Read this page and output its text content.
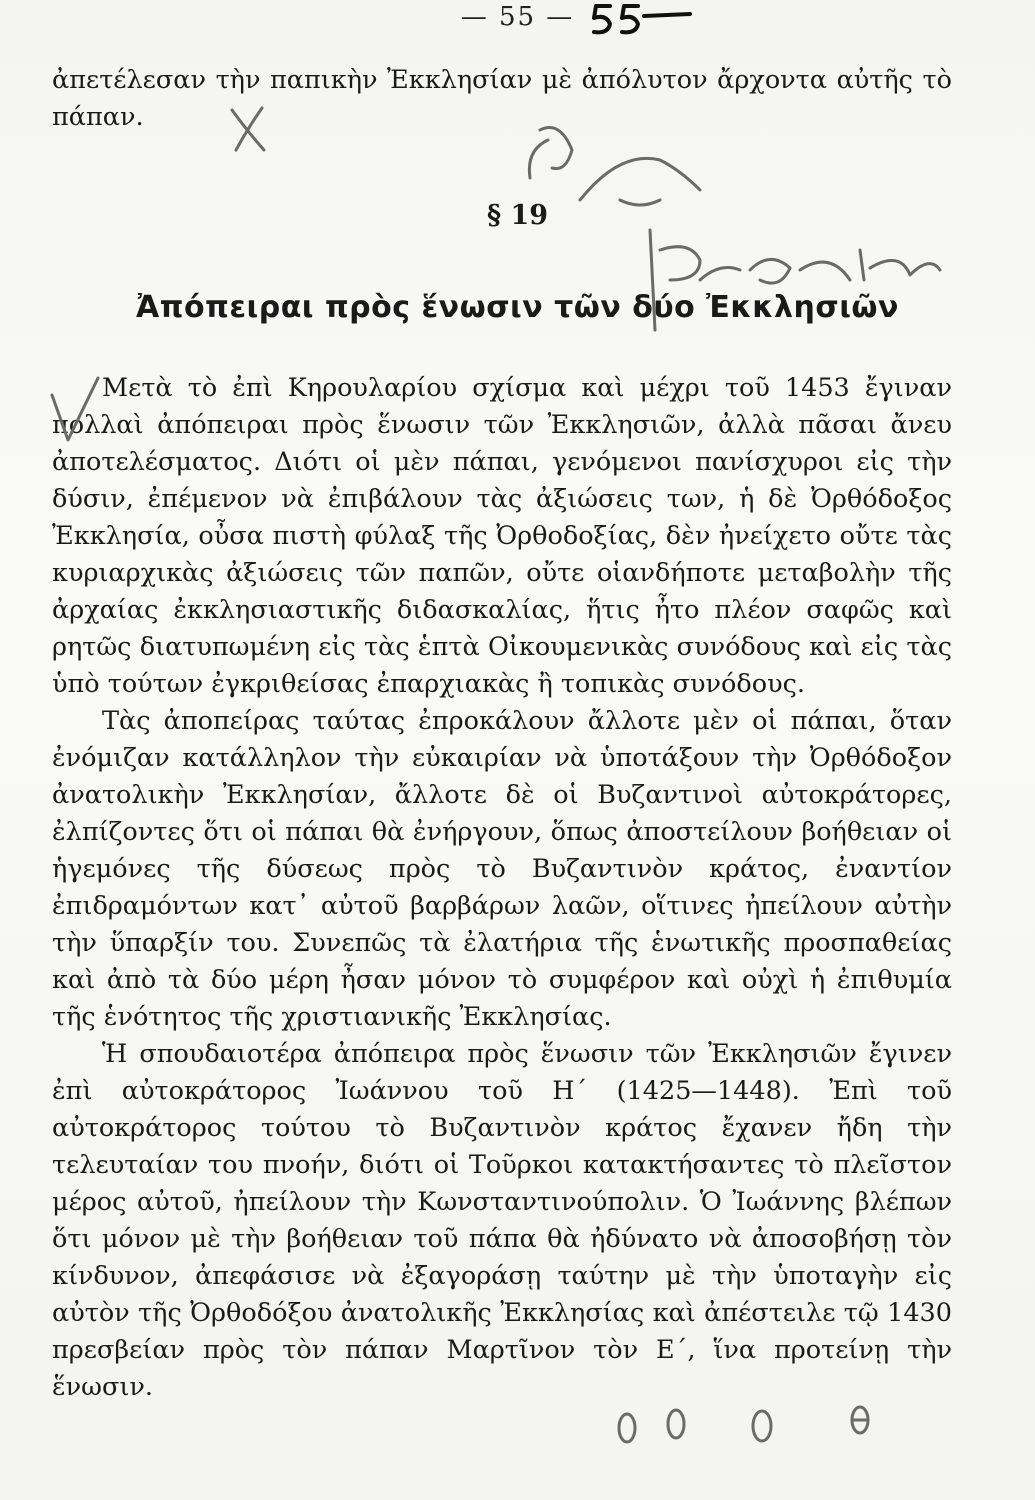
— 55 —

ἀπετέλεσαν τὴν παπικὴν Ἐκκλησίαν μὲ ἀπόλυτον ἄρχοντα αὐτῆς τὸ πάπαν.

§ 19
Ἀπόπειραι πρὸς ἕνωσιν τῶν δύο Ἐκκλησιῶν

Μετὰ τὸ ἐπὶ Κηρουλαρίου σχίσμα καὶ μέχρι τοῦ 1453 ἔγιναν πολλαὶ ἀπόπειραι πρὸς ἕνωσιν τῶν Ἐκκλησιῶν, ἀλλὰ πᾶσαι ἄνευ ἀποτελέσματος. Διότι οἱ μὲν πάπαι, γενόμενοι πανίσχυροι εἰς τὴν δύσιν, ἐπέμενον νὰ ἐπιβάλουν τὰς ἀξιώσεις των, ἡ δὲ Ὀρθόδοξος Ἐκκλησία, οὖσα πιστὴ φύλαξ τῆς Ὀρθοδοξίας, δὲν ἠνείχετο οὔτε τὰς κυριαρχικὰς ἀξιώσεις τῶν παπῶν, οὔτε οἱανδήποτε μεταβολὴν τῆς ἀρχαίας ἐκκλησιαστικῆς διδασκαλίας, ἥτις ἦτο πλέον σαφῶς καὶ ρητῶς διατυπωμένη εἰς τὰς ἑπτὰ Οἰκουμενικὰς συνόδους καὶ εἰς τὰς ὑπὸ τούτων ἐγκριθείσας ἐπαρχιακὰς ἢ τοπικὰς συνόδους.

Τὰς ἀποπείρας ταύτας ἐπροκάλουν ἄλλοτε μὲν οἱ πάπαι, ὅταν ἐνόμιζαν κατάλληλον τὴν εὐκαιρίαν νὰ ὑποτάξουν τὴν Ὀρθόδοξον ἀνατολικὴν Ἐκκλησίαν, ἄλλοτε δὲ οἱ Βυζαντινοὶ αὐτοκράτορες, ἐλπίζοντες ὅτι οἱ πάπαι θὰ ἐνήργουν, ὅπως ἀποστείλουν βοήθειαν οἱ ἡγεμόνες τῆς δύσεως πρὸς τὸ Βυζαντινὸν κράτος, ἐναντίον ἐπιδραμόντων κατ᾽ αὐτοῦ βαρβάρων λαῶν, οἵτινες ἠπείλουν αὐτὴν τὴν ὕπαρξίν του. Συνεπῶς τὰ ἐλατήρια τῆς ἑνωτικῆς προσπαθείας καὶ ἀπὸ τὰ δύο μέρη ἦσαν μόνον τὸ συμφέρον καὶ οὐχὶ ἡ ἐπιθυμία τῆς ἑνότητος τῆς χριστιανικῆς Ἐκκλησίας.

Ἡ σπουδαιοτέρα ἀπόπειρα πρὸς ἕνωσιν τῶν Ἐκκλησιῶν ἔγινεν ἐπὶ αὐτοκράτορος Ἰωάννου τοῦ Η´ (1425—1448). Ἐπὶ τοῦ αὐτοκράτορος τούτου τὸ Βυζαντινὸν κράτος ἔχανεν ἤδη τὴν τελευταίαν του πνοήν, διότι οἱ Τοῦρκοι κατακτήσαντες τὸ πλεῖστον μέρος αὐτοῦ, ἠπείλουν τὴν Κωνσταντινούπολιν. Ὁ Ἰωάννης βλέπων ὅτι μόνον μὲ τὴν βοήθειαν τοῦ πάπα θὰ ἠδύνατο νὰ ἀποσοβήσῃ τὸν κίνδυνον, ἀπεφάσισε νὰ ἐξαγοράσῃ ταύτην μὲ τὴν ὑποταγὴν εἰς αὐτὸν τῆς Ὀρθοδόξου ἀνατολικῆς Ἐκκλησίας καὶ ἀπέστειλε τῷ 1430 πρεσβείαν πρὸς τὸν πάπαν Μαρτῖνον τὸν Ε´, ἵνα προτείνῃ τὴν ἕνωσιν.
